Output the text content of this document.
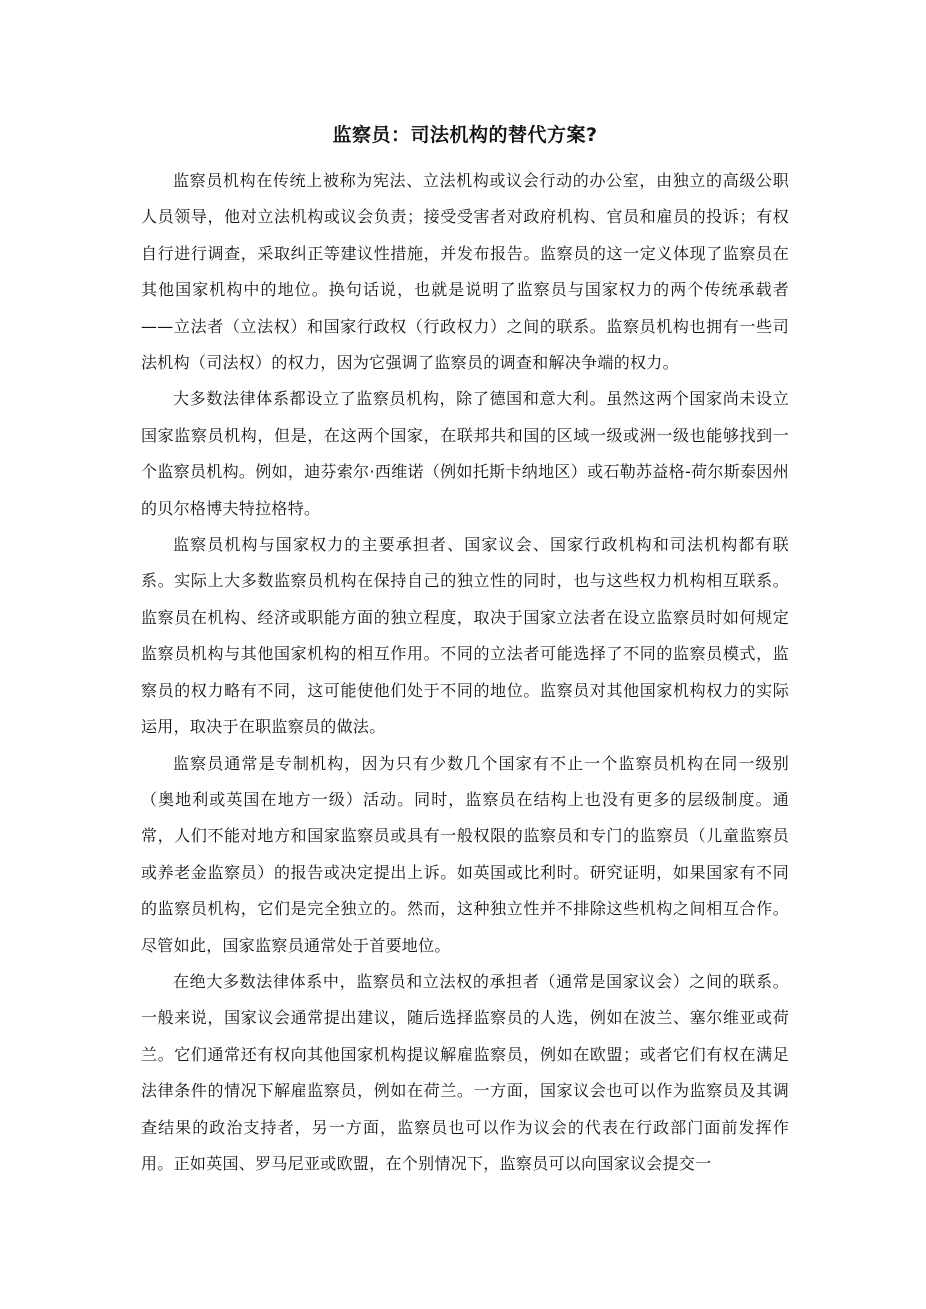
监察员：司法机构的替代方案?

监察员机构在传统上被称为宪法、立法机构或议会行动的办公室，由独立的高级公职人员领导，他对立法机构或议会负责；接受受害者对政府机构、官员和雇员的投诉；有权自行进行调查，采取纠正等建议性措施，并发布报告。监察员的这一定义体现了监察员在其他国家机构中的地位。换句话说，也就是说明了监察员与国家权力的两个传统承载者——立法者（立法权）和国家行政权（行政权力）之间的联系。监察员机构也拥有一些司法机构（司法权）的权力，因为它强调了监察员的调查和解决争端的权力。

大多数法律体系都设立了监察员机构，除了德国和意大利。虽然这两个国家尚未设立国家监察员机构，但是，在这两个国家，在联邦共和国的区域一级或洲一级也能够找到一个监察员机构。例如，迪芬索尔·西维诺（例如托斯卡纳地区）或石勒苏益格-荷尔斯泰因州的贝尔格博夫特拉格特。

监察员机构与国家权力的主要承担者、国家议会、国家行政机构和司法机构都有联系。实际上大多数监察员机构在保持自己的独立性的同时，也与这些权力机构相互联系。监察员在机构、经济或职能方面的独立程度，取决于国家立法者在设立监察员时如何规定监察员机构与其他国家机构的相互作用。不同的立法者可能选择了不同的监察员模式，监察员的权力略有不同，这可能使他们处于不同的地位。监察员对其他国家机构权力的实际运用，取决于在职监察员的做法。

监察员通常是专制机构，因为只有少数几个国家有不止一个监察员机构在同一级别（奥地利或英国在地方一级）活动。同时，监察员在结构上也没有更多的层级制度。通常，人们不能对地方和国家监察员或具有一般权限的监察员和专门的监察员（儿童监察员或养老金监察员）的报告或决定提出上诉。如英国或比利时。研究证明，如果国家有不同的监察员机构，它们是完全独立的。然而，这种独立性并不排除这些机构之间相互合作。尽管如此，国家监察员通常处于首要地位。

在绝大多数法律体系中，监察员和立法权的承担者（通常是国家议会）之间的联系。一般来说，国家议会通常提出建议，随后选择监察员的人选，例如在波兰、塞尔维亚或荷兰。它们通常还有权向其他国家机构提议解雇监察员，例如在欧盟；或者它们有权在满足法律条件的情况下解雇监察员，例如在荷兰。一方面，国家议会也可以作为监察员及其调查结果的政治支持者，另一方面，监察员也可以作为议会的代表在行政部门面前发挥作用。正如英国、罗马尼亚或欧盟，在个别情况下，监察员可以向国家议会提交一
